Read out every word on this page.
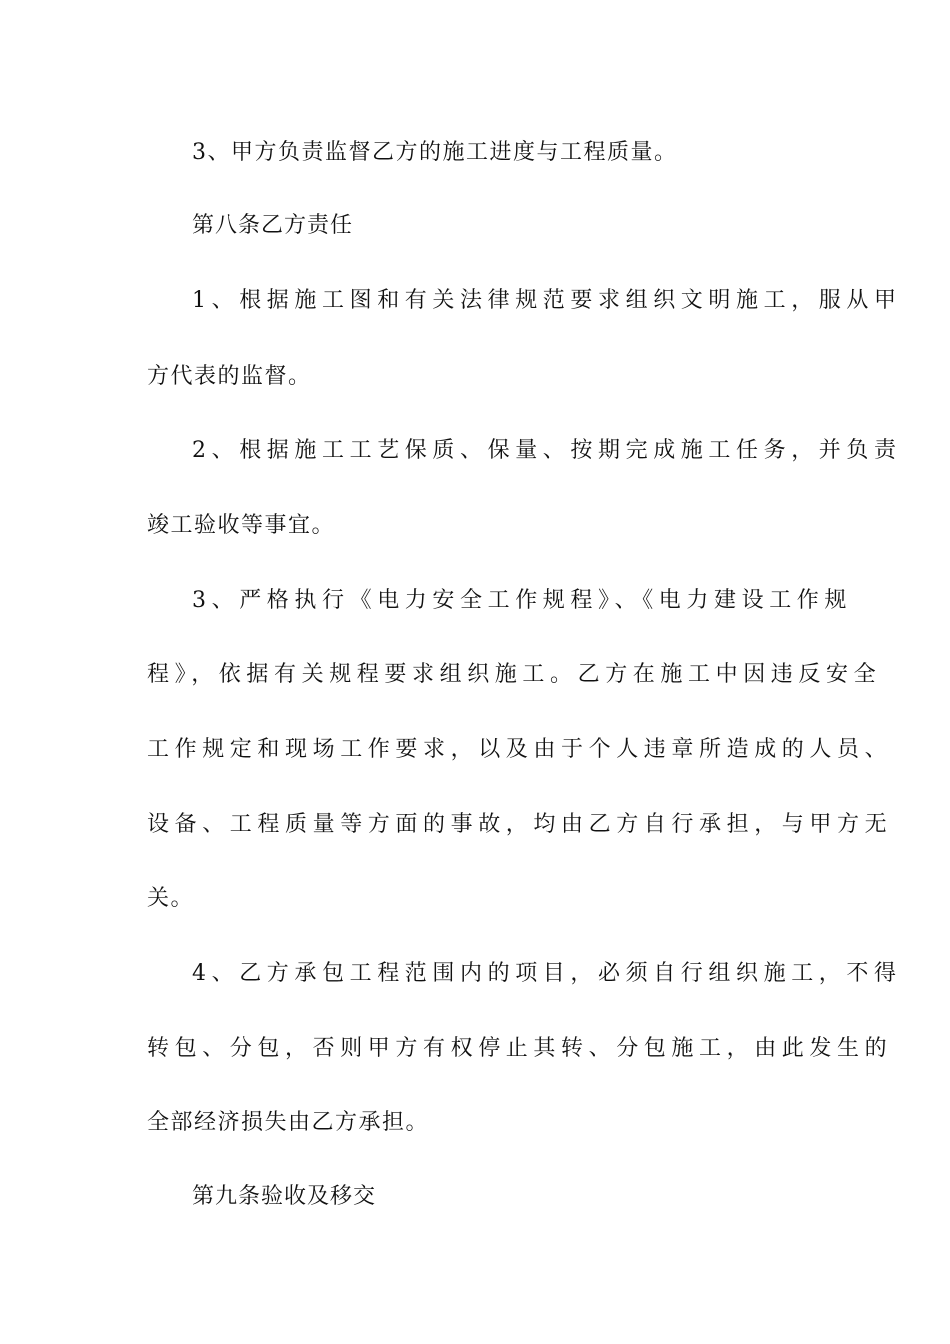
3、甲方负责监督乙方的施工进度与工程质量。
第八条乙方责任
1、根据施工图和有关法律规范要求组织文明施工，服从甲
方代表的监督。
2、根据施工工艺保质、保量、按期完成施工任务，并负责
竣工验收等事宜。
3、严格执行《电力安全工作规程》、《电力建设工作规
程》，依据有关规程要求组织施工。乙方在施工中因违反安全
工作规定和现场工作要求，以及由于个人违章所造成的人员、
设备、工程质量等方面的事故，均由乙方自行承担，与甲方无
关。
4、乙方承包工程范围内的项目，必须自行组织施工，不得
转包、分包，否则甲方有权停止其转、分包施工，由此发生的
全部经济损失由乙方承担。
第九条验收及移交
